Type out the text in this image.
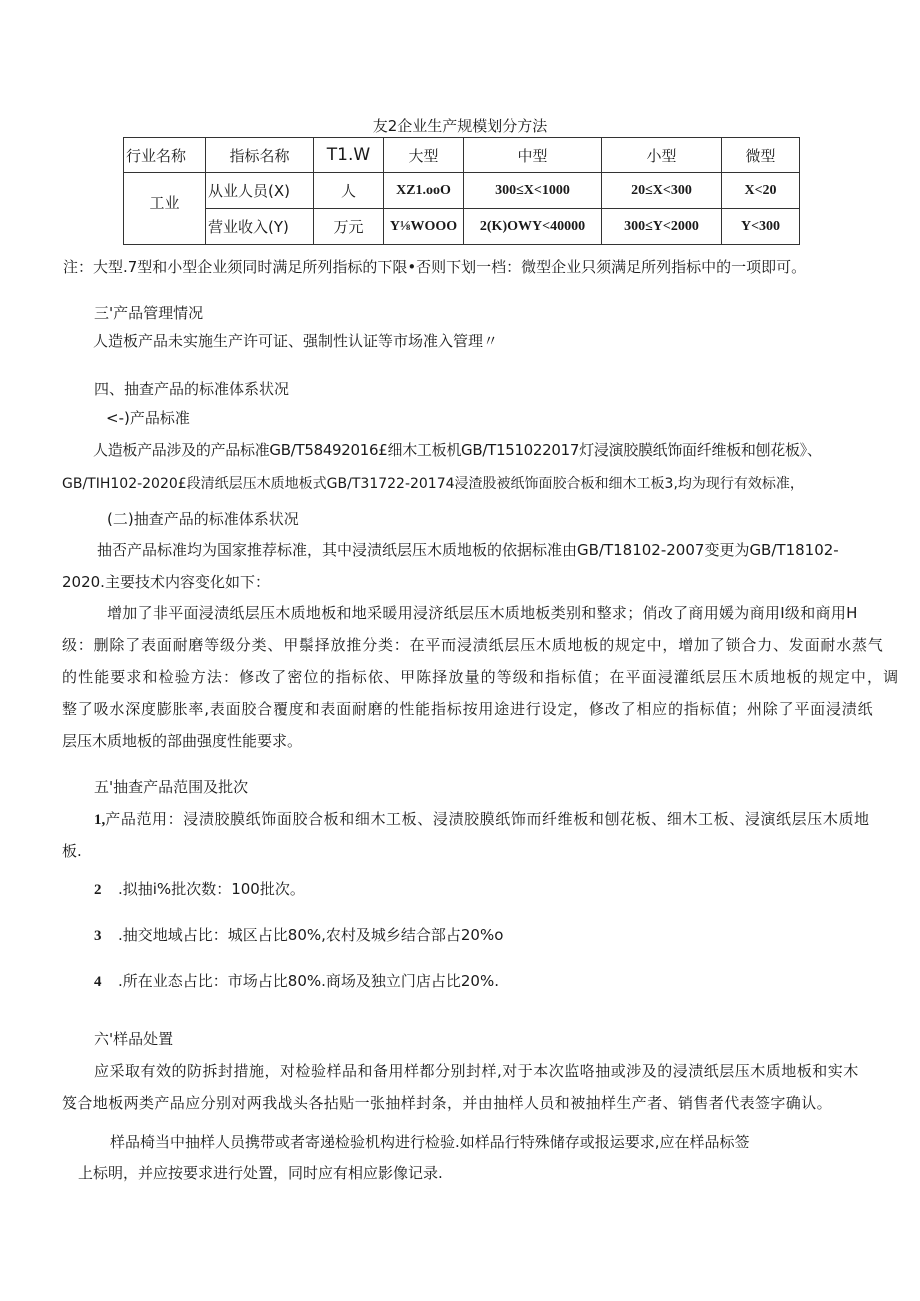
友2企业生产规模划分方法
行业名称	指标名称	T1.W	大型	中型	小型	微型
工业	从业人员(X)	人	XZ1.ooO	300≤X<1000	20≤X<300	X<20
	营业收入(Y)	万元	Y⅛WOOO	2(K)OWY<40000	300≤Y<2000	Y<300
注：大型.7型和小型企业须同时满足所列指标的下限•否则下划一档：微型企业只须满足所列指标中的一项即可。
三'产品管理情况
人造板产品未实施生产许可证、强制性认证等市场准入管理〃
四、抽查产品的标准体系状况
<-)产品标准
人造板产品涉及的产品标准GB/T58492016£细木工板机GB/T151022017灯浸演胶膜纸饰面纤维板和刨花板》、
GB/TIH102-2020£段清纸层压木质地板式GB/T31722-20174浸渣股被纸饰面胶合板和细木工板3,均为现行有效标准，
(二)抽查产品的标准体系状况
抽否产品标准均为国家推荐标准，其中浸渍纸层压木质地板的依据标准由GB/T18102-2007变更为GB/T18102-
2020.主要技术内容变化如下：
增加了非平面浸渍纸层压木质地板和地采暖用浸济纸层压木质地板类别和整求；俏改了商用媛为商用I级和商用H
级：删除了表面耐磨等级分类、甲鬃择放推分类：在平而浸渍纸层压木质地板的规定中，增加了锁合力、发面耐水蒸气
的性能要求和检验方法：修改了密位的指标依、甲陈择放量的等级和指标值；在平面浸灌纸层压木质地板的规定中，调
整了吸水深度膨胀率,表面胶合覆度和表面耐磨的性能指标按用途进行设定，修改了相应的指标值；州除了平面浸渍纸
层压木质地板的部曲强度性能要求。
五'抽查产品范围及批次
1,产品范用：浸渍胶膜纸饰面胶合板和细木工板、浸渍胶膜纸饰而纤维板和刨花板、细木工板、浸演纸层压木质地
板.
2 .拟抽i%批次数：100批次。
3 .抽交地域占比：城区占比80%,农村及城乡结合部占20%o
4 .所在业态占比：市场占比80%.商场及独立门店占比20%.
六'样品处置
应采取有效的防拆封措施，对检验样品和备用样都分别封样,对于本次监咯抽或涉及的浸渍纸层压木质地板和实木
笈合地板两类产品应分别对两我战头各拈贴一张抽样封条，并由抽样人员和被抽样生产者、销售者代表签字确认。
样品椅当中抽样人员携带或者寄递检验机构进行检验.如样品行特殊储存或报运要求,应在样品标签
上标明，并应按要求进行处置，同时应有相应影像记录.
